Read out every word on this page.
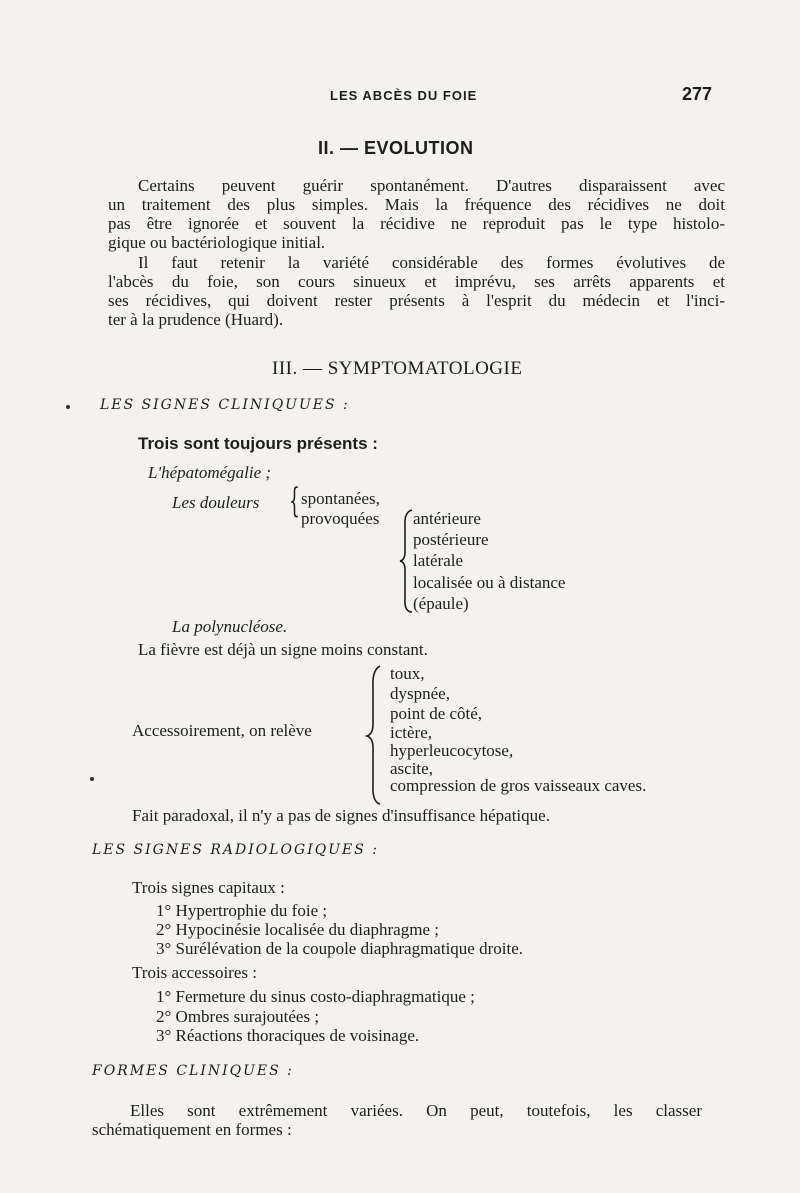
LES ABCÈS DU FOIE	277
II. — EVOLUTION
Certains peuvent guérir spontanément. D'autres disparaissent avec
un traitement des plus simples. Mais la fréquence des récidives ne doit
pas être ignorée et souvent la récidive ne reproduit pas le type histolo-
gique ou bactériologique initial.
Il faut retenir la variété considérable des formes évolutives de
l'abcès du foie, son cours sinueux et imprévu, ses arrêts apparents et
ses récidives, qui doivent rester présents à l'esprit du médecin et l'inci-
ter à la prudence (Huard).
III. — SYMPTOMATOLOGIE
LES SIGNES CLINIQUUES :
Trois sont toujours présents :
L'hépatomégalie ;
Les douleurs { spontanées,
provoquées antérieure
postérieure
latérale
localisée ou à distance
(épaule)
La polynucléose.
La fièvre est déjà un signe moins constant.
Accessoirement, on relève
toux,
dyspnée,
point de côté,
ictère,
hyperleucocytose,
ascite,
compression de gros vaisseaux caves.
Fait paradoxal, il n'y a pas de signes d'insuffisance hépatique.
LES SIGNES RADIOLOGIQUES :
Trois signes capitaux :
1° Hypertrophie du foie ;
2° Hypocinésie localisée du diaphragme ;
3° Surélévation de la coupole diaphragmatique droite.
Trois accessoires :
1° Fermeture du sinus costo-diaphragmatique ;
2° Ombres surajoutées ;
3° Réactions thoraciques de voisinage.
FORMES CLINIQUES :
Elles sont extrêmement variées. On peut, toutefois, les classer
schématiquement en formes :
